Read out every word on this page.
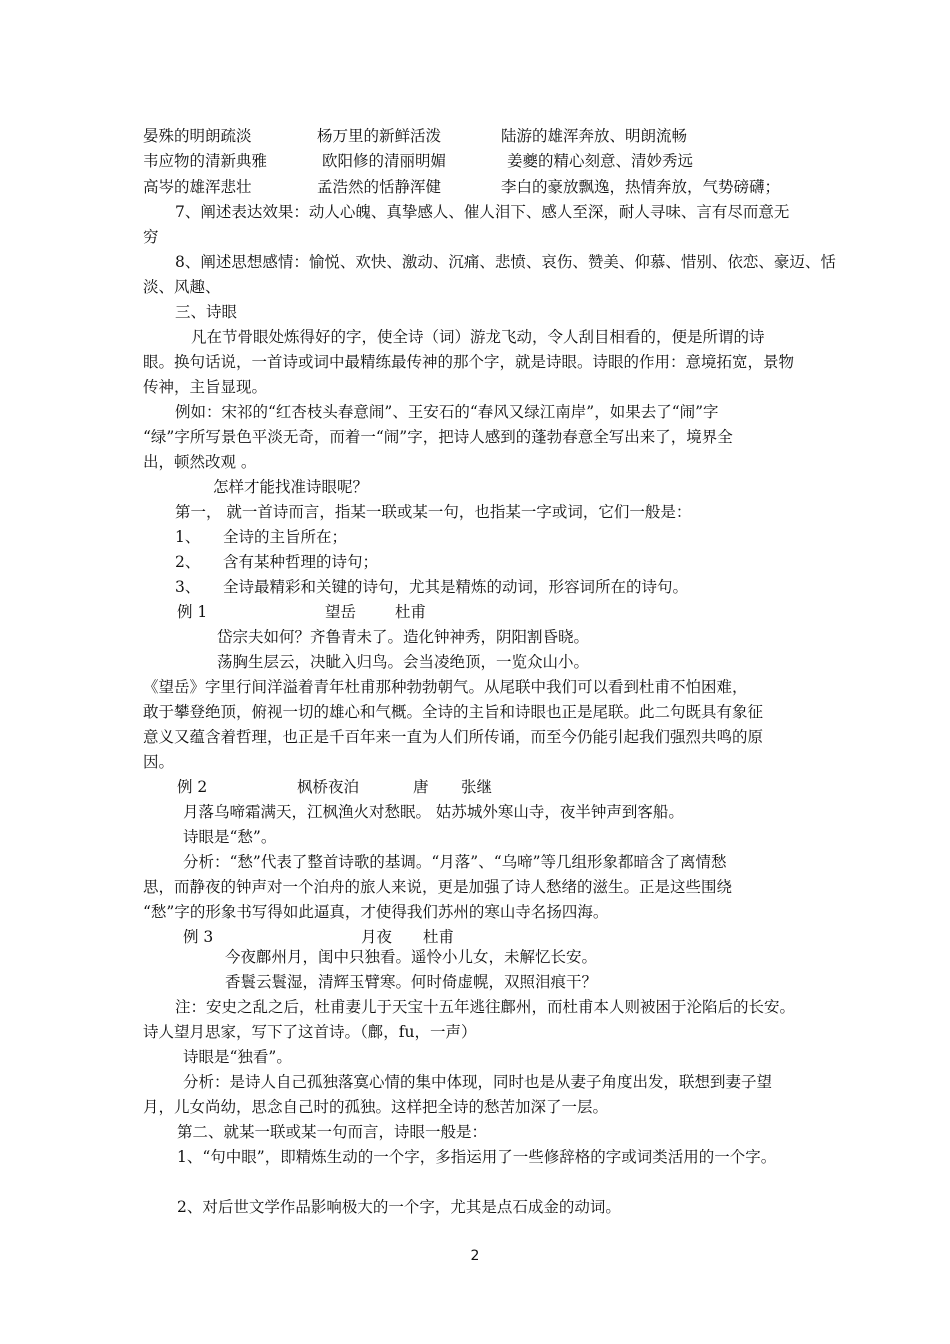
晏殊的明朗疏淡	杨万里的新鲜活泼	陆游的雄浑奔放、明朗流畅
韦应物的清新典雅	欧阳修的清丽明媚	姜夔的精心刻意、清妙秀远
高岑的雄浑悲壮	孟浩然的恬静浑健	李白的豪放飘逸，热情奔放，气势磅礴；
7、阐述表达效果：动人心魄、真挚感人、催人泪下、感人至深，耐人寻味、言有尽而意无
穷
8、阐述思想感情：愉悦、欢快、激动、沉痛、悲愤、哀伤、赞美、仰慕、惜别、依恋、豪迈、恬
淡、风趣、
三、诗眼
凡在节骨眼处炼得好的字，使全诗（词）游龙飞动，令人刮目相看的，便是所谓的诗
眼。换句话说，一首诗或词中最精练最传神的那个字，就是诗眼。诗眼的作用：意境拓宽，景物
传神，主旨显现。
例如：宋祁的“红杏枝头春意闹”、王安石的“春风又绿江南岸”，如果去了“闹”字
“绿”字所写景色平淡无奇，而着一“闹”字，把诗人感到的蓬勃春意全写出来了，境界全
出，顿然改观 。
怎样才能找准诗眼呢？
第一， 就一首诗而言，指某一联或某一句，也指某一字或词，它们一般是：
1、 全诗的主旨所在；
2、 含有某种哲理的诗句；
3、 全诗最精彩和关键的诗句，尤其是精炼的动词，形容词所在的诗句。
例 1	望岳	杜甫
岱宗夫如何？齐鲁青未了。造化钟神秀，阴阳割昏晓。
荡胸生层云，决眦入归鸟。会当凌绝顶，一览众山小。
《望岳》字里行间洋溢着青年杜甫那种勃勃朝气。从尾联中我们可以看到杜甫不怕困难，
敢于攀登绝顶，俯视一切的雄心和气概。全诗的主旨和诗眼也正是尾联。此二句既具有象征
意义又蕴含着哲理，也正是千百年来一直为人们所传诵，而至今仍能引起我们强烈共鸣的原
因。
例 2	枫桥夜泊	唐 张继
月落乌啼霜满天，江枫渔火对愁眠。 姑苏城外寒山寺，夜半钟声到客船。
诗眼是“愁”。
分析：“愁”代表了整首诗歌的基调。“月落”、“乌啼”等几组形象都暗含了离情愁
思，而静夜的钟声对一个泊舟的旅人来说，更是加强了诗人愁绪的滋生。正是这些围绕
“愁”字的形象书写得如此逼真，才使得我们苏州的寒山寺名扬四海。
例 3	月夜 杜甫
今夜鄜州月，闺中只独看。遥怜小儿女，未解忆长安。
香鬟云鬟湿，清辉玉臂寒。何时倚虚幌，双照泪痕干？
注：安史之乱之后，杜甫妻儿于天宝十五年逃往鄜州，而杜甫本人则被困于沦陷后的长安。
诗人望月思家，写下了这首诗。（鄜，fu，一声）
诗眼是“独看”。
分析：是诗人自己孤独落寞心情的集中体现，同时也是从妻子角度出发，联想到妻子望
月，儿女尚幼，思念自己时的孤独。这样把全诗的愁苦加深了一层。
第二、就某一联或某一句而言，诗眼一般是：
1、“句中眼”，即精炼生动的一个字，多指运用了一些修辞格的字或词类活用的一个字。
2、对后世文学作品影响极大的一个字，尤其是点石成金的动词。
2
